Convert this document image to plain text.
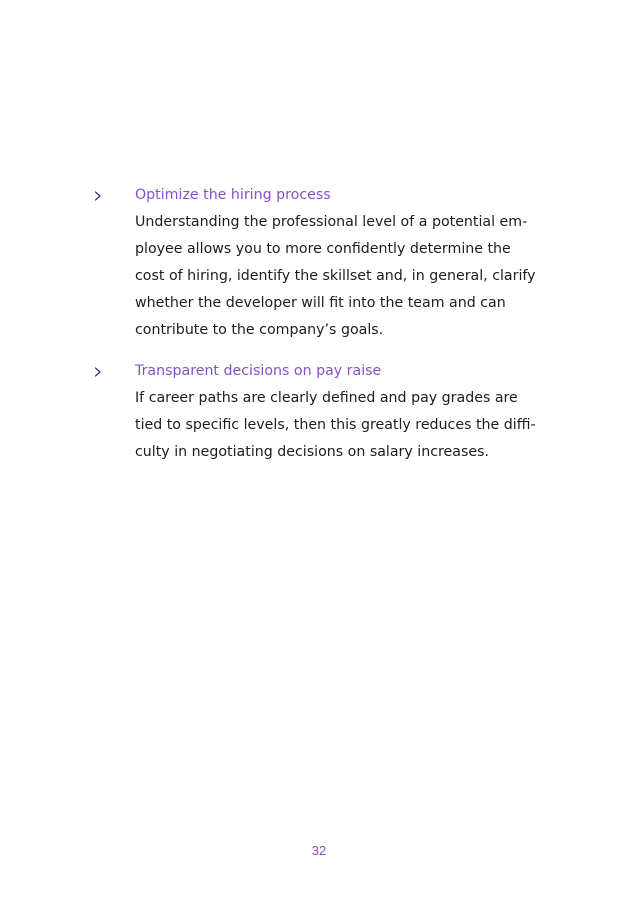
Optimize the hiring process

Understanding the professional level of a potential em-
ployee allows you to more confidently determine the
cost of hiring, identify the skillset and, in general, clarify
whether the developer will fit into the team and can
contribute to the company’s goals.

Transparent decisions on pay raise

If career paths are clearly defined and pay grades are
tied to specific levels, then this greatly reduces the diffi-
culty in negotiating decisions on salary increases.

32
